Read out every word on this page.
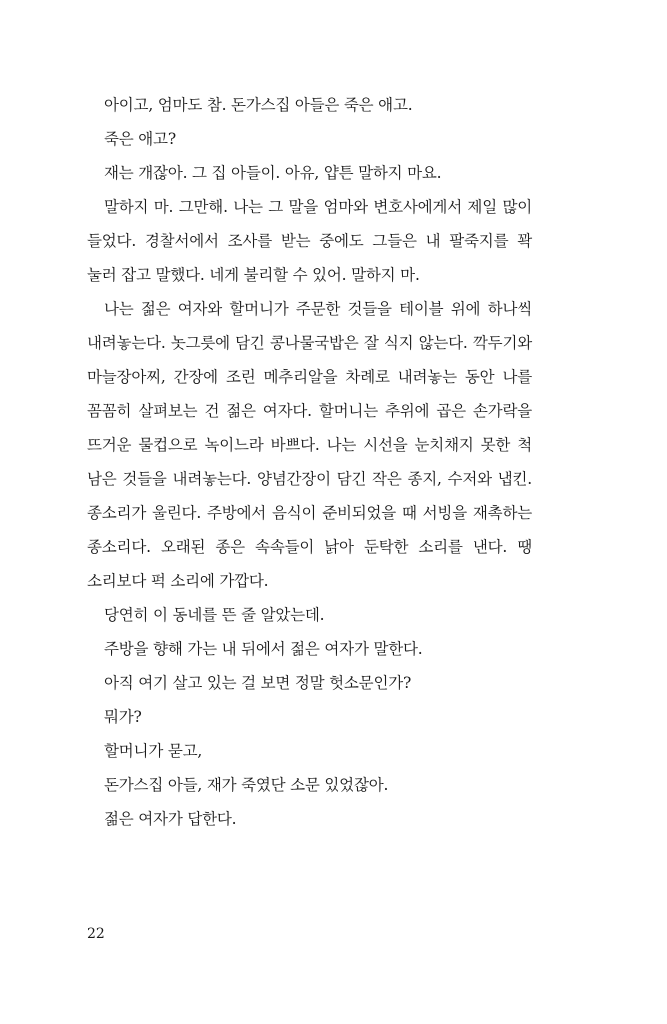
아이고, 엄마도 참. 돈가스집 아들은 죽은 애고.

죽은 애고?

재는 개잖아. 그 집 아들이. 아유, 얍튼 말하지 마요.

말하지 마. 그만해. 나는 그 말을 엄마와 변호사에게서 제일 많이 들었다. 경찰서에서 조사를 받는 중에도 그들은 내 팔죽지를 꽉 눌러 잡고 말했다. 네게 불리할 수 있어. 말하지 마.

나는 젊은 여자와 할머니가 주문한 것들을 테이블 위에 하나씩 내려놓는다. 놋그릇에 담긴 콩나물국밥은 잘 식지 않는다. 깍두기와 마늘장아찌, 간장에 조린 메추리알을 차례로 내려놓는 동안 나를 꼼꼼히 살펴보는 건 젊은 여자다. 할머니는 추위에 곱은 손가락을 뜨거운 물컵으로 녹이느라 바쁘다. 나는 시선을 눈치채지 못한 척 남은 것들을 내려놓는다. 양념간장이 담긴 작은 종지, 수저와 냅킨. 종소리가 울린다. 주방에서 음식이 준비되었을 때 서빙을 재촉하는 종소리다. 오래된 종은 속속들이 낡아 둔탁한 소리를 낸다. 땡 소리보다 퍽 소리에 가깝다.

당연히 이 동네를 뜬 줄 알았는데.

주방을 향해 가는 내 뒤에서 젊은 여자가 말한다.

아직 여기 살고 있는 걸 보면 정말 헛소문인가?

뭐가?

할머니가 묻고,

돈가스집 아들, 재가 죽였단 소문 있었잖아.

젊은 여자가 답한다.

22
